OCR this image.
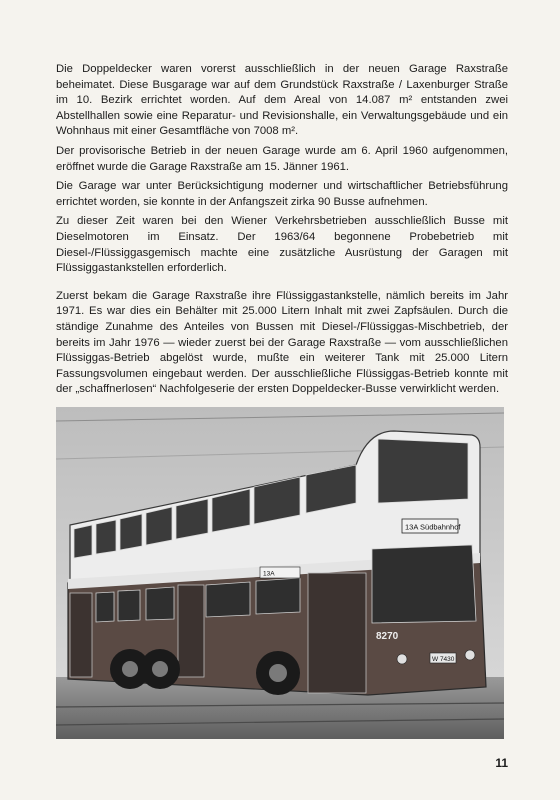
Die Doppeldecker waren vorerst ausschließlich in der neuen Garage Raxstraße beheimatet. Diese Busgarage war auf dem Grundstück Raxstraße / Laxenburger Straße im 10. Bezirk errichtet worden. Auf dem Areal von 14.087 m² entstanden zwei Abstellhallen sowie eine Reparatur- und Revisionshalle, ein Verwaltungsgebäude und ein Wohnhaus mit einer Gesamtfläche von 7008 m².

Der provisorische Betrieb in der neuen Garage wurde am 6. April 1960 aufgenommen, eröffnet wurde die Garage Raxstraße am 15. Jänner 1961.

Die Garage war unter Berücksichtigung moderner und wirtschaftlicher Betriebsführung errichtet worden, sie konnte in der Anfangszeit zirka 90 Busse aufnehmen.

Zu dieser Zeit waren bei den Wiener Verkehrsbetrieben ausschließlich Busse mit Dieselmotoren im Einsatz. Der 1963/64 begonnene Probebetrieb mit Diesel-/Flüssiggasgemisch machte eine zusätzliche Ausrüstung der Garagen mit Flüssiggastankstellen erforderlich.

Zuerst bekam die Garage Raxstraße ihre Flüssiggastankstelle, nämlich bereits im Jahr 1971. Es war dies ein Behälter mit 25.000 Litern Inhalt mit zwei Zapfsäulen. Durch die ständige Zunahme des Anteiles von Bussen mit Diesel-/Flüssiggas-Mischbetrieb, der bereits im Jahr 1976 — wieder zuerst bei der Garage Raxstraße — vom ausschließlichen Flüssiggas-Betrieb abgelöst wurde, mußte ein weiterer Tank mit 25.000 Litern Fassungsvolumen eingebaut werden. Der ausschließliche Flüssiggas-Betrieb konnte mit der „schaffnerlosen“ Nachfolgeserie der ersten Doppeldecker-Busse verwirklicht werden.

13A Südbahnhof
13A
8270
W 7430
11
